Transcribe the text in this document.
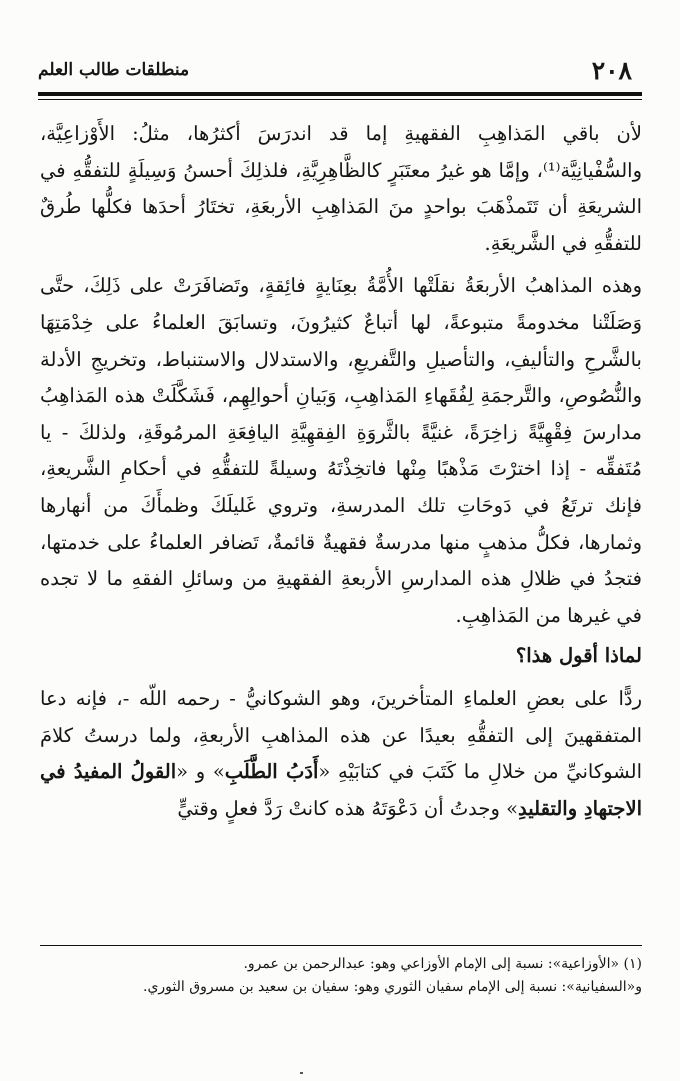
٢٠٨
منطلقات طالب العلم

لأن باقي المَذاهِبِ الفقهيةِ إما قد اندرَسَ أكثرُها، مثلُ: الأَوْزاعِيَّة، والسُّفْيانِيَّة⁽¹⁾، وإمَّا هو غيرُ معتَبَرٍ كالظَّاهِرِيَّةِ، فلذلِكَ أحسنُ وَسِيلَةٍ للتفقُّهِ في الشريعَةِ أن تَتَمذْهَبَ بواحدٍ منَ المَذاهِبِ الأربعَةِ، تختَارُ أحدَها فكلُّها طُرقٌ للتفقُّهِ في الشَّريعَةِ.

وهذه المذاهبُ الأربعَةُ نقلَتْها الأُمَّةُ بعِنَايةٍ فائِقةٍ، وتَضافَرَتْ على ذَلِكَ، حتَّى وَصَلَتْنا مخدومةً متبوعةً، لها أتباعٌ كثيرُونَ، وتسابَقَ العلماءُ على خِدْمَتِهَا بالشَّرحِ والتأليفِ، والتأصيلِ والتَّفريعِ، والاستدلال والاستنباط، وتخريجِ الأدلة والنُّصُوصِ، والتَّرجمَةِ لِفُقَهاءِ المَذاهِبِ، وَبَيانِ أحوالِهِم، فَشَكَّلَتْ هذه المَذاهِبُ مدارسَ فِقْهِيَّةً زاخِرَةً، غنيَّةً بالثَّروَةِ الفِقهِيَّةِ اليافِعَةِ المرمُوقَةِ، ولذلكَ - يا مُتَفقِّه - إذا اخترْتَ مَذْهبًا مِنْها فاتخِذْتَهُ وسيلةً للتفقُّهِ في أحكامِ الشَّريعةِ، فإنك ترتَعُ في دَوحَاتِ تلك المدرسةِ، وتروي غَليلَكَ وظمأَكَ من أنهارها وثمارها، فكلُّ مذهبٍ منها مدرسةٌ فقهيةٌ قائمةٌ، تَضافر العلماءُ على خدمتها، فتجدُ في ظلالِ هذه المدارسِ الأربعةِ الفقهيةِ من وسائلِ الفقهِ ما لا تجده في غيرها من المَذاهِبِ.

لماذا أقول هذا؟

ردًّا على بعضِ العلماءِ المتأخرينَ، وهو الشوكانيُّ - رحمه اللّه -، فإنه دعا المتفقهينَ إلى التفقُّهِ بعيدًا عن هذه المذاهبِ الأربعةِ، ولما درستُ كلامَ الشوكانيِّ من خلالِ ما كَتَبَ في كتابَيْهِ «أَدَبُ الطَّلَبِ» و «القولُ المفيدُ في الاجتهادِ والتقليدِ» وجدتُ أن دَعْوَتَهُ هذه كانتْ رَدَّ فعلٍ وقتيٍّ

(١) «الأوزاعية»: نسبة إلى الإمام الأوزاعي وهو: عبدالرحمن بن عمرو.

و«السفيانية»: نسبة إلى الإمام سفيان الثوري وهو: سفيان بن سعيد بن مسروق الثوري.
